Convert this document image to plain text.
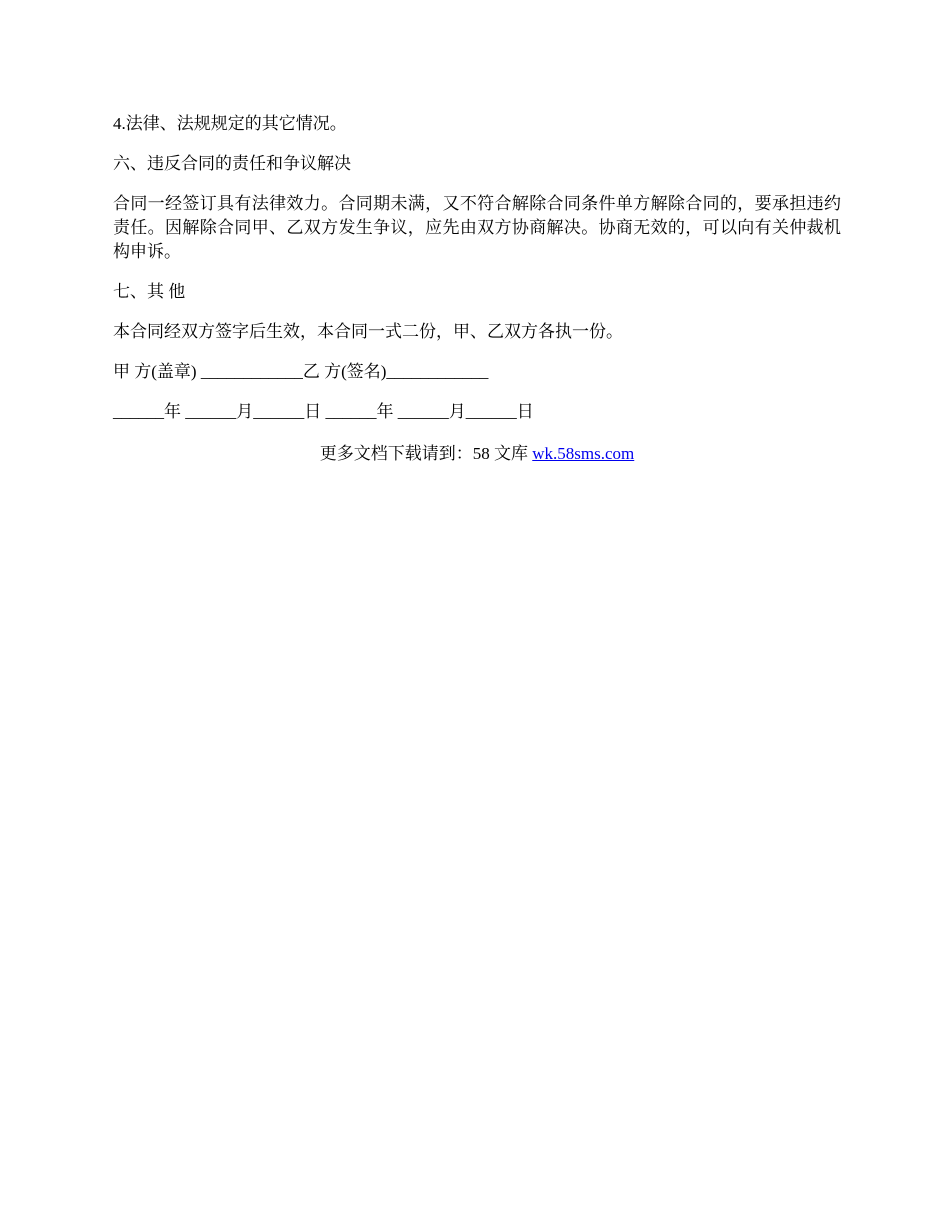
4.法律、法规规定的其它情况。

六、违反合同的责任和争议解决

合同一经签订具有法律效力。合同期未满，又不符合解除合同条件单方解除合同的，要承担违约责任。因解除合同甲、乙双方发生争议，应先由双方协商解决。协商无效的，可以向有关仲裁机构申诉。

七、其 他

本合同经双方签字后生效，本合同一式二份，甲、乙双方各执一份。

甲 方(盖章) ____________乙 方(签名)____________

______年 ______月______日 ______年 ______月______日

更多文档下载请到：58 文库 wk.58sms.com
